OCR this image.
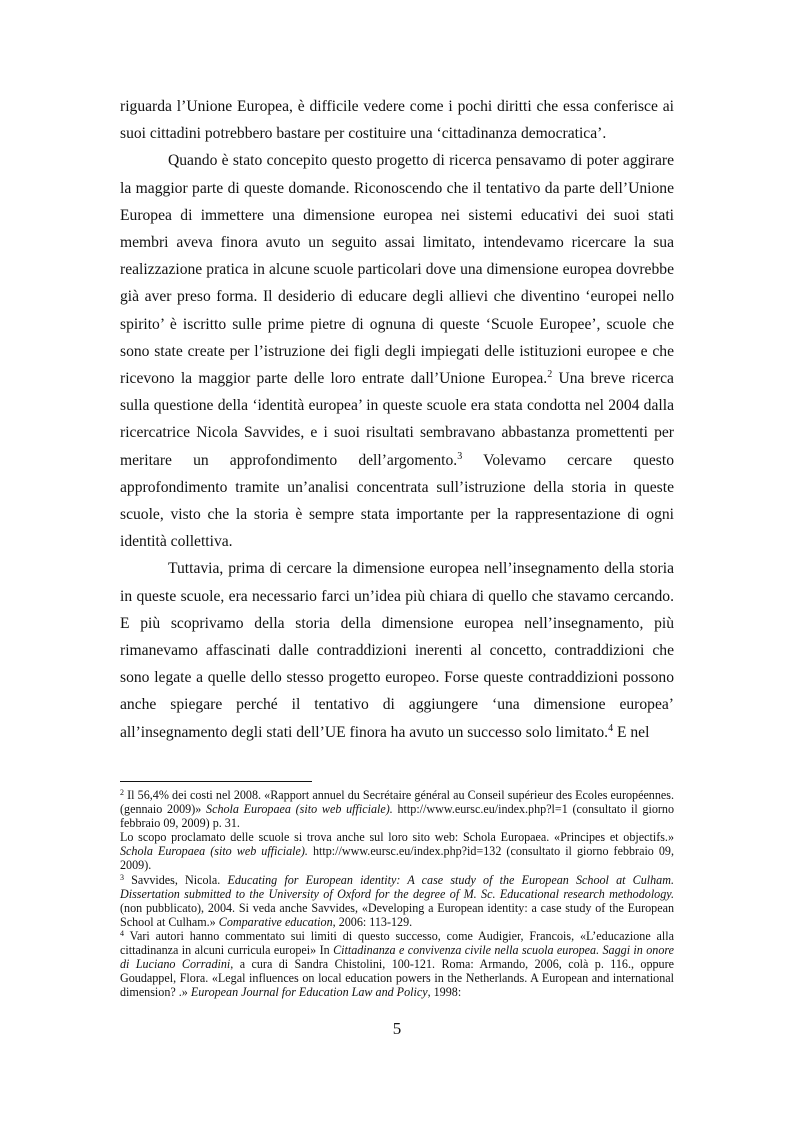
riguarda l’Unione Europea, è difficile vedere come i pochi diritti che essa conferisce ai suoi cittadini potrebbero bastare per costituire una ‘cittadinanza democratica’.

Quando è stato concepito questo progetto di ricerca pensavamo di poter aggirare la maggior parte di queste domande. Riconoscendo che il tentativo da parte dell’Unione Europea di immettere una dimensione europea nei sistemi educativi dei suoi stati membri aveva finora avuto un seguito assai limitato, intendevamo ricercare la sua realizzazione pratica in alcune scuole particolari dove una dimensione europea dovrebbe già aver preso forma. Il desiderio di educare degli allievi che diventino ‘europei nello spirito’ è iscritto sulle prime pietre di ognuna di queste ‘Scuole Europee’, scuole che sono state create per l’istruzione dei figli degli impiegati delle istituzioni europee e che ricevono la maggior parte delle loro entrate dall’Unione Europea.$^2$ Una breve ricerca sulla questione della ‘identità europea’ in queste scuole era stata condotta nel 2004 dalla ricercatrice Nicola Savvides, e i suoi risultati sembravano abbastanza promettenti per meritare un approfondimento dell’argomento.$^3$ Volevamo cercare questo approfondimento tramite un’analisi concentrata sull’istruzione della storia in queste scuole, visto che la storia è sempre stata importante per la rappresentazione di ogni identità collettiva.

Tuttavia, prima di cercare la dimensione europea nell’insegnamento della storia in queste scuole, era necessario farci un’idea più chiara di quello che stavamo cercando. E più scoprivamo della storia della dimensione europea nell’insegnamento, più rimanevamo affascinati dalle contraddizioni inerenti al concetto, contraddizioni che sono legate a quelle dello stesso progetto europeo. Forse queste contraddizioni possono anche spiegare perché il tentativo di aggiungere ‘una dimensione europea’ all’insegnamento degli stati dell’UE finora ha avuto un successo solo limitato.$^4$ E nel

$^2$ Il 56,4% dei costi nel 2008. «Rapport annuel du Secrétaire général au Conseil supérieur des Ecoles européennes. (gennaio 2009)» Schola Europaea (sito web ufficiale). http://www.eursc.eu/index.php?l=1 (consultato il giorno febbraio 09, 2009) p. 31.

Lo scopo proclamato delle scuole si trova anche sul loro sito web: Schola Europaea. «Principes et objectifs.» Schola Europaea (sito web ufficiale). http://www.eursc.eu/index.php?id=132 (consultato il giorno febbraio 09, 2009).

$^3$ Savvides, Nicola. Educating for European identity: A case study of the European School at Culham. Dissertation submitted to the University of Oxford for the degree of M. Sc. Educational research methodology. (non pubblicato), 2004. Si veda anche Savvides, «Developing a European identity: a case study of the European School at Culham.» Comparative education, 2006: 113-129.

$^4$ Vari autori hanno commentato sui limiti di questo successo, come Audigier, Francois, «L’educazione alla cittadinanza in alcuni curricula europei» In Cittadinanza e convivenza civile nella scuola europea. Saggi in onore di Luciano Corradini, a cura di Sandra Chistolini, 100-121. Roma: Armando, 2006, colà p. 116., oppure Goudappel, Flora. «Legal influences on local education powers in the Netherlands. A European and international dimension? .» European Journal for Education Law and Policy, 1998:

5
